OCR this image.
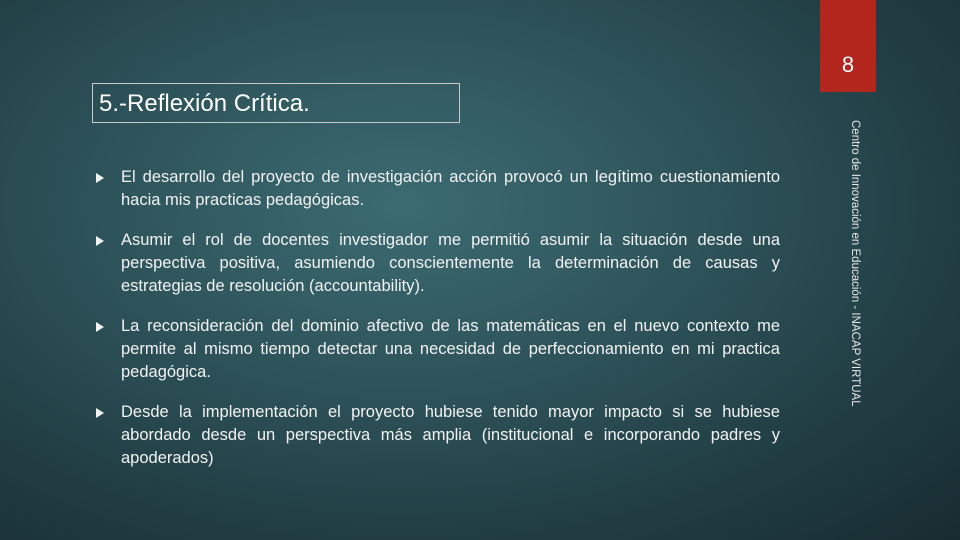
8
5.-Reflexión Crítica.
Centro de Innovación en Educación - INACAP VIRTUAL
El desarrollo del proyecto de investigación acción provocó un legítimo cuestionamiento hacia mis practicas pedagógicas.
Asumir el rol de docentes investigador me permitió asumir la situación desde una perspectiva positiva, asumiendo conscientemente la determinación de causas y estrategias de resolución (accountability).
La reconsideración del dominio afectivo de las matemáticas en el nuevo contexto me permite al mismo tiempo detectar una necesidad de perfeccionamiento en mi practica pedagógica.
Desde la implementación el proyecto hubiese tenido mayor impacto si se hubiese abordado desde un perspectiva más amplia (institucional e incorporando padres y apoderados)
